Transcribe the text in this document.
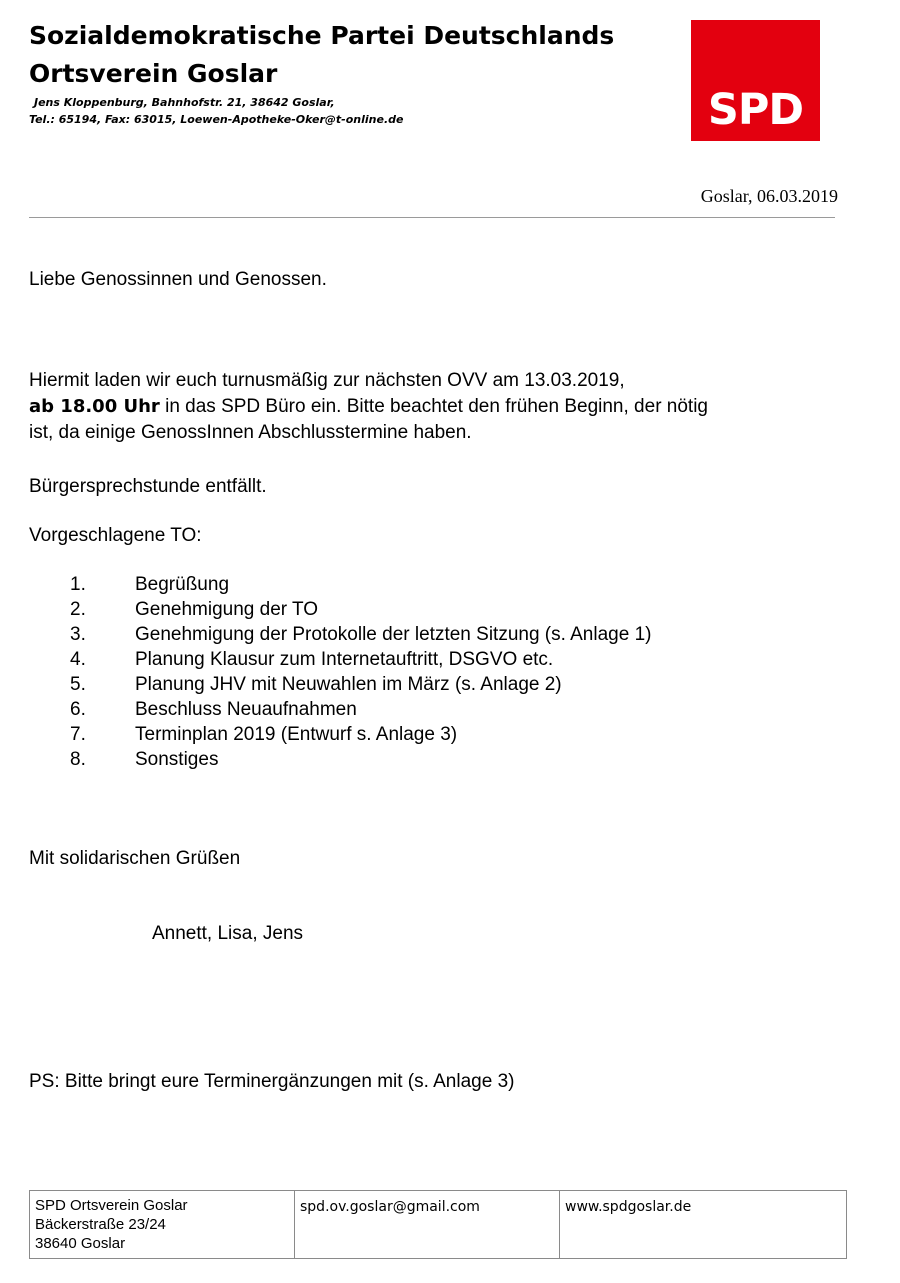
Sozialdemokratische Partei Deutschlands
Ortsverein Goslar
Jens Kloppenburg, Bahnhofstr. 21, 38642 Goslar,
Tel.: 65194, Fax: 63015, Loewen-Apotheke-Oker@t-online.de	SPD
Goslar, 06.03.2019
Liebe Genossinnen und Genossen.
Hiermit laden wir euch turnusmäßig zur nächsten OVV am 13.03.2019,
ab 18.00 Uhr in das SPD Büro ein. Bitte beachtet den frühen Beginn, der nötig
ist, da einige GenossInnen Abschlusstermine haben.
Bürgersprechstunde entfällt.
Vorgeschlagene TO:
1.	Begrüßung
2.	Genehmigung der TO
3.	Genehmigung der Protokolle der letzten Sitzung (s. Anlage 1)
4.	Planung Klausur zum Internetauftritt, DSGVO etc.
5.	Planung JHV mit Neuwahlen im März (s. Anlage 2)
6.	Beschluss Neuaufnahmen
7.	Terminplan 2019 (Entwurf s. Anlage 3)
8.	Sonstiges
Mit solidarischen Grüßen
Annett, Lisa, Jens
PS: Bitte bringt eure Terminergänzungen mit (s. Anlage 3)
SPD Ortsverein Goslar
Bäckerstraße 23/24
38640 Goslar

spd.ov.goslar@gmail.com	www.spdgoslar.de
